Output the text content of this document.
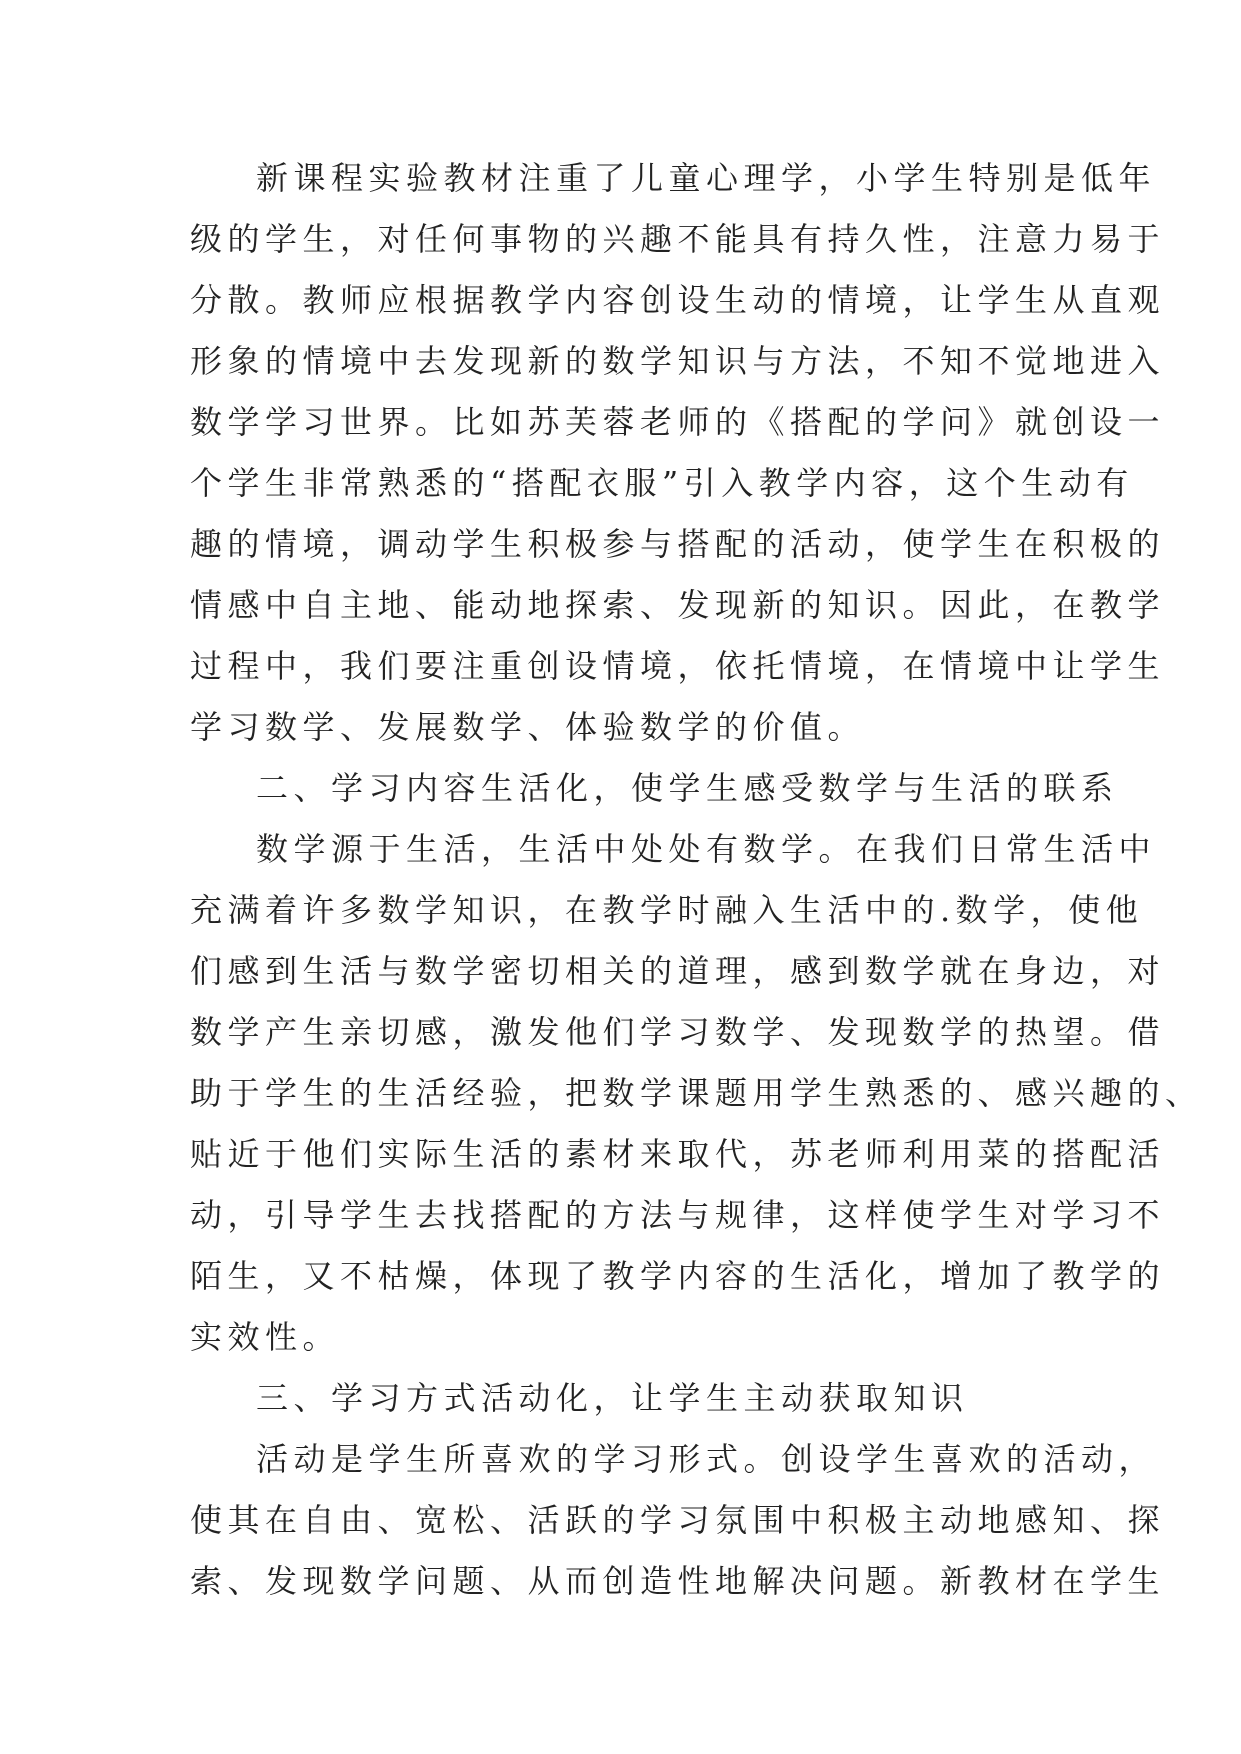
新课程实验教材注重了儿童心理学，小学生特别是低年
级的学生，对任何事物的兴趣不能具有持久性，注意力易于
分散。教师应根据教学内容创设生动的情境，让学生从直观
形象的情境中去发现新的数学知识与方法，不知不觉地进入
数学学习世界。比如苏芙蓉老师的《搭配的学问》就创设一
个学生非常熟悉的“搭配衣服”引入教学内容，这个生动有
趣的情境，调动学生积极参与搭配的活动，使学生在积极的
情感中自主地、能动地探索、发现新的知识。因此，在教学
过程中，我们要注重创设情境，依托情境，在情境中让学生
学习数学、发展数学、体验数学的价值。
二、学习内容生活化，使学生感受数学与生活的联系
数学源于生活，生活中处处有数学。在我们日常生活中
充满着许多数学知识，在教学时融入生活中的.数学，使他
们感到生活与数学密切相关的道理，感到数学就在身边，对
数学产生亲切感，激发他们学习数学、发现数学的热望。借
助于学生的生活经验，把数学课题用学生熟悉的、感兴趣的、
贴近于他们实际生活的素材来取代，苏老师利用菜的搭配活
动，引导学生去找搭配的方法与规律，这样使学生对学习不
陌生，又不枯燥，体现了教学内容的生活化，增加了教学的
实效性。
三、学习方式活动化，让学生主动获取知识
活动是学生所喜欢的学习形式。创设学生喜欢的活动，
使其在自由、宽松、活跃的学习氛围中积极主动地感知、探
索、发现数学问题、从而创造性地解决问题。新教材在学生
